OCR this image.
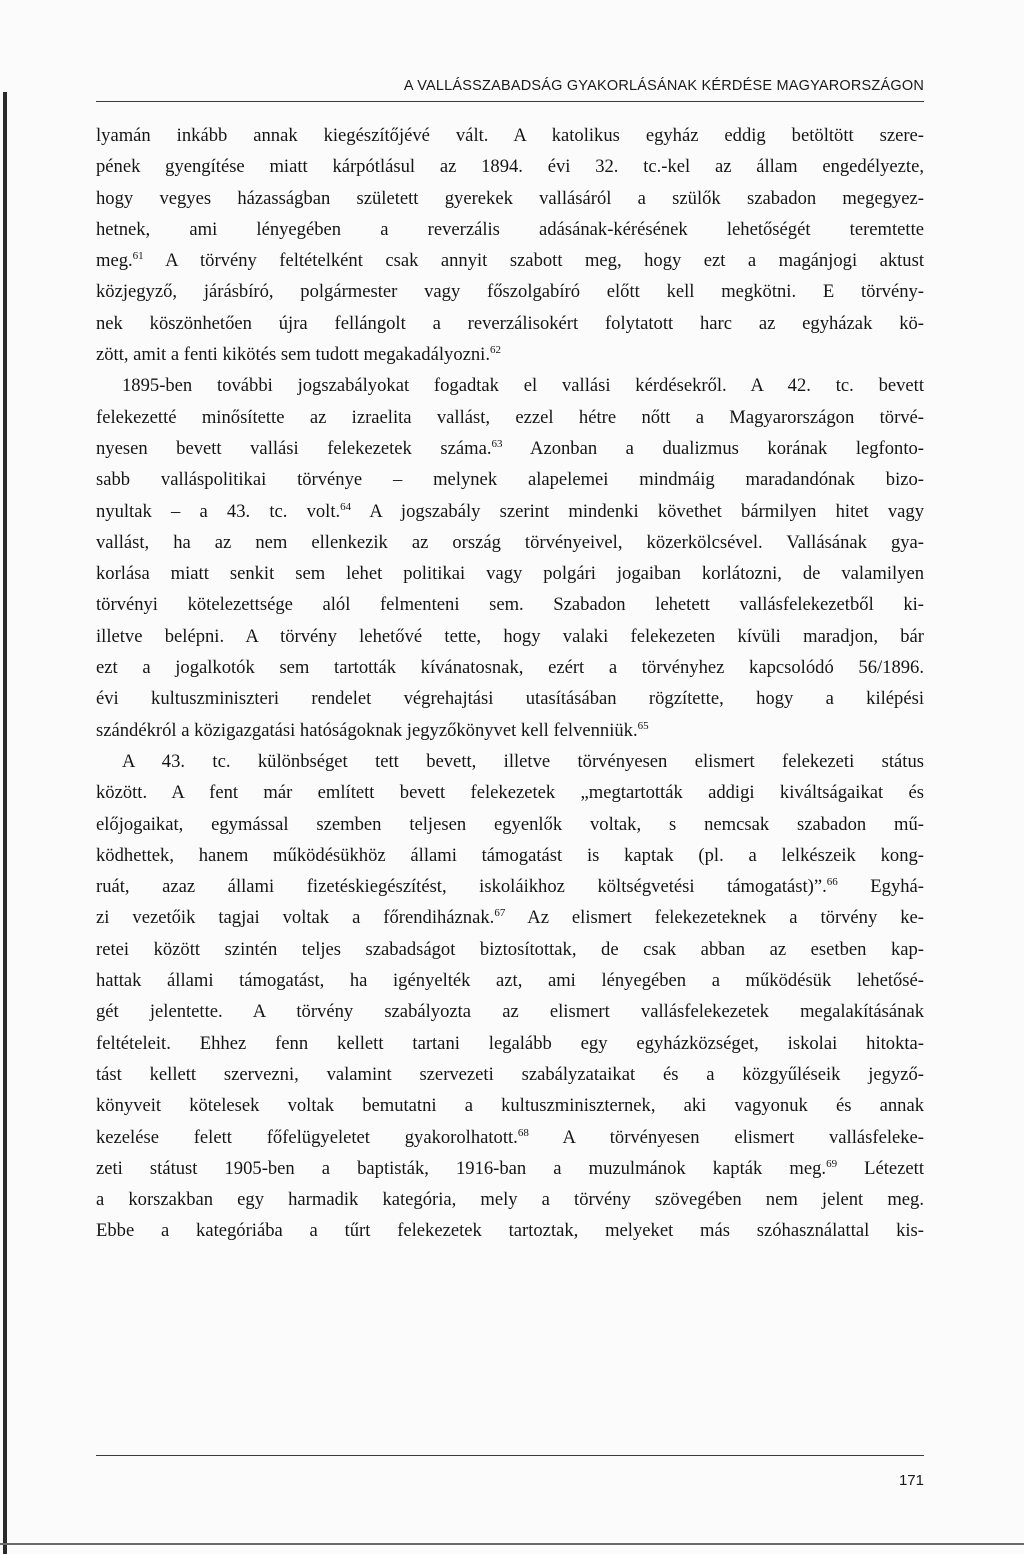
A VALLÁSSZABADSÁG GYAKORLÁSÁNAK KÉRDÉSE MAGYARORSZÁGON
lyamán inkább annak kiegészítőjévé vált. A katolikus egyház eddig betöltött szere-
pének gyengítése miatt kárpótlásul az 1894. évi 32. tc.-kel az állam engedélyezte,
hogy vegyes házasságban született gyerekek vallásáról a szülők szabadon megegyez-
hetnek, ami lényegében a reverzális adásának-kérésének lehetőségét teremtette
meg.$^{61}$ A törvény feltételként csak annyit szabott meg, hogy ezt a magánjogi aktust
közjegyző, járásbíró, polgármester vagy főszolgabíró előtt kell megkötni. E törvény-
nek köszönhetően újra fellángolt a reverzálisokért folytatott harc az egyházak kö-
zött, amit a fenti kikötés sem tudott megakadályozni.$^{62}$
1895-ben további jogszabályokat fogadtak el vallási kérdésekről. A 42. tc. bevett
felekezetté minősítette az izraelita vallást, ezzel hétre nőtt a Magyarországon törvé-
nyesen bevett vallási felekezetek száma.$^{63}$ Azonban a dualizmus korának legfonto-
sabb valláspolitikai törvénye – melynek alapelemei mindmáig maradandónak bizo-
nyultak – a 43. tc. volt.$^{64}$ A jogszabály szerint mindenki követhet bármilyen hitet vagy
vallást, ha az nem ellenkezik az ország törvényeivel, közerkölcsével. Vallásának gya-
korlása miatt senkit sem lehet politikai vagy polgári jogaiban korlátozni, de valamilyen
törvényi kötelezettsége alól felmenteni sem. Szabadon lehetett vallásfelekezetből ki-
illetve belépni. A törvény lehetővé tette, hogy valaki felekezeten kívüli maradjon, bár
ezt a jogalkotók sem tartották kívánatosnak, ezért a törvényhez kapcsolódó 56/1896.
évi kultuszminiszteri rendelet végrehajtási utasításában rögzítette, hogy a kilépési
szándékról a közigazgatási hatóságoknak jegyzőkönyvet kell felvenniük.$^{65}$
A 43. tc. különbséget tett bevett, illetve törvényesen elismert felekezeti státus
között. A fent már említett bevett felekezetek „megtartották addigi kiváltságaikat és
előjogaikat, egymással szemben teljesen egyenlők voltak, s nemcsak szabadon mű-
ködhettek, hanem működésükhöz állami támogatást is kaptak (pl. a lelkészeik kong-
ruát, azaz állami fizetéskiegészítést, iskoláikhoz költségvetési támogatást)”.$^{66}$ Egyhá-
zi vezetőik tagjai voltak a főrendiháznak.$^{67}$ Az elismert felekezeteknek a törvény ke-
retei között szintén teljes szabadságot biztosítottak, de csak abban az esetben kap-
hattak állami támogatást, ha igényelték azt, ami lényegében a működésük lehetősé-
gét jelentette. A törvény szabályozta az elismert vallásfelekezetek megalakításának
feltételeit. Ehhez fenn kellett tartani legalább egy egyházközséget, iskolai hitokta-
tást kellett szervezni, valamint szervezeti szabályzataikat és a közgyűléseik jegyző-
könyveit kötelesek voltak bemutatni a kultuszminiszternek, aki vagyonuk és annak
kezelése felett főfelügyeletet gyakorolhatott.$^{68}$ A törvényesen elismert vallásfeleke-
zeti státust 1905-ben a baptisták, 1916-ban a muzulmánok kapták meg.$^{69}$ Létezett
a korszakban egy harmadik kategória, mely a törvény szövegében nem jelent meg.
Ebbe a kategóriába a tűrt felekezetek tartoztak, melyeket más szóhasználattal kis-
171
